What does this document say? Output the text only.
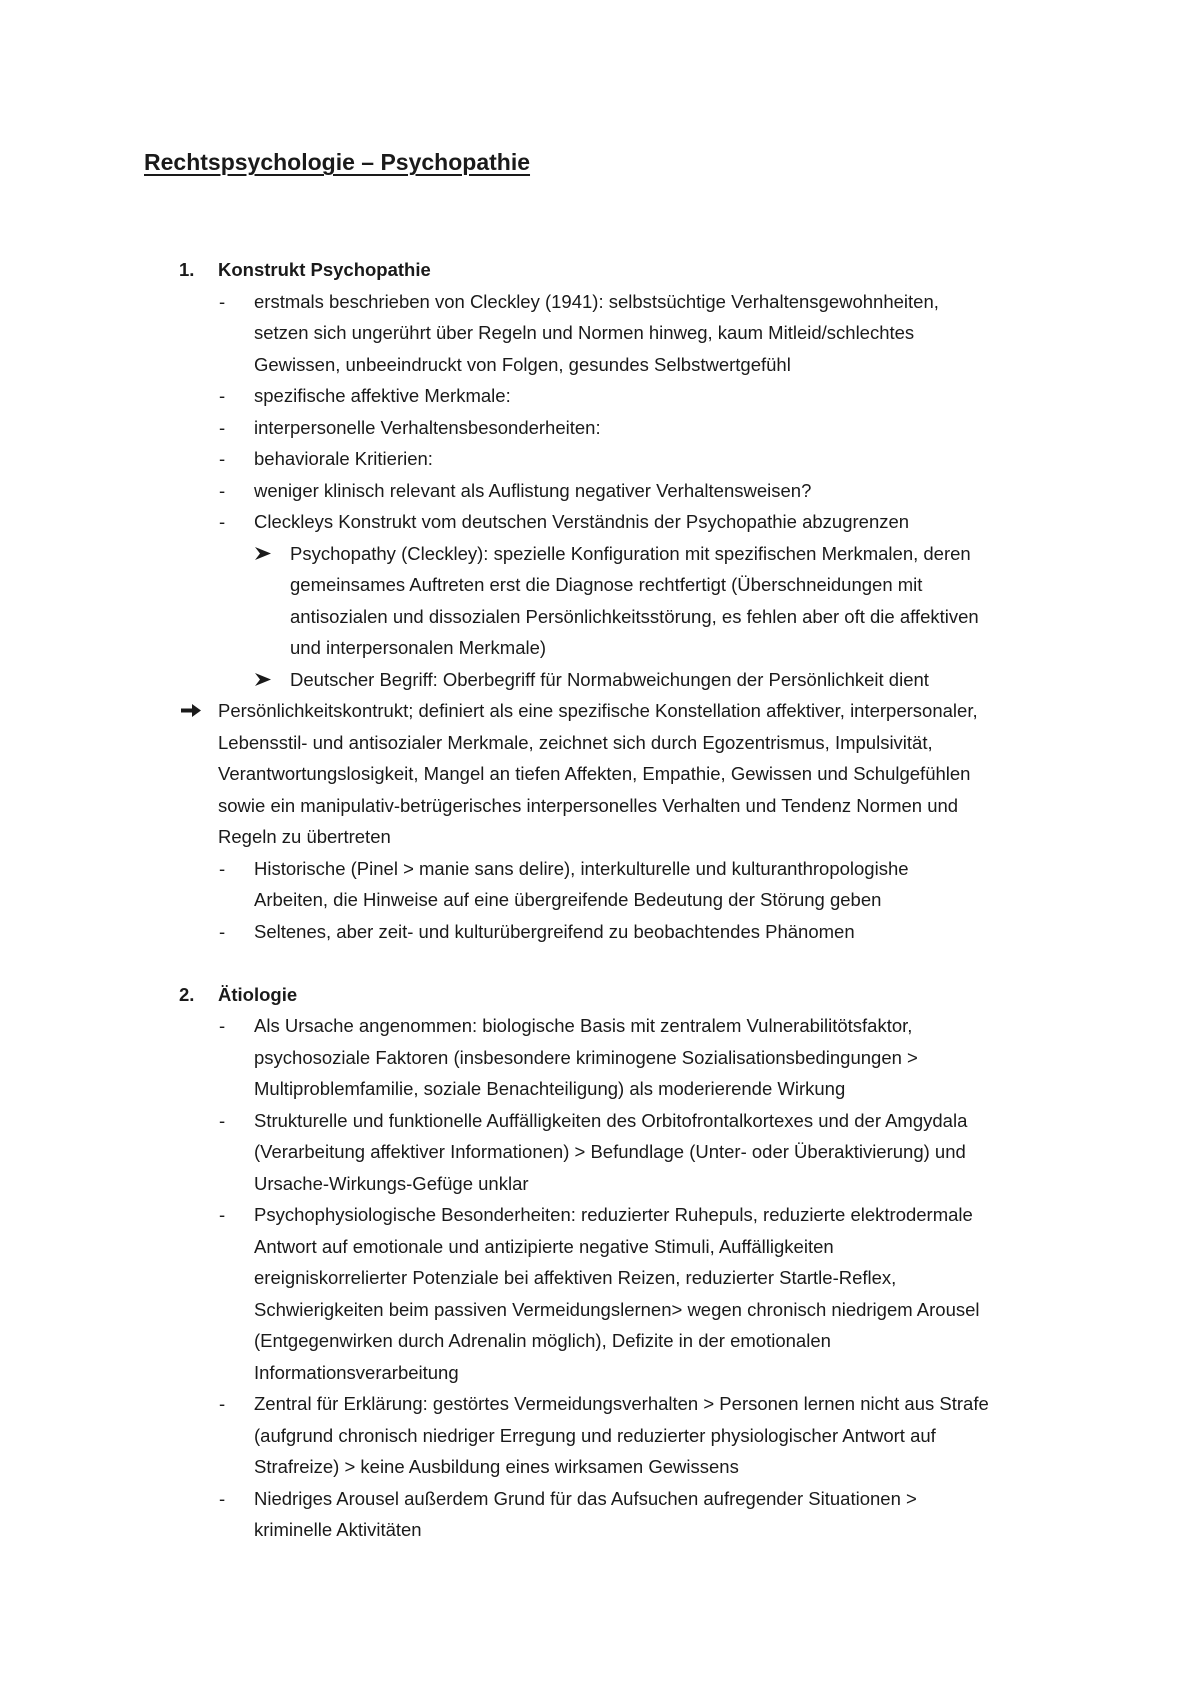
Rechtspsychologie – Psychopathie
1. Konstrukt Psychopathie
- erstmals beschrieben von Cleckley (1941): selbstsüchtige Verhaltensgewohnheiten,
setzen sich ungerührt über Regeln und Normen hinweg, kaum Mitleid/schlechtes
Gewissen, unbeeindruckt von Folgen, gesundes Selbstwertgefühl
- spezifische affektive Merkmale:
- interpersonelle Verhaltensbesonderheiten:
- behaviorale Kritierien:
- weniger klinisch relevant als Auflistung negativer Verhaltensweisen?
- Cleckleys Konstrukt vom deutschen Verständnis der Psychopathie abzugrenzen
Psychopathy (Cleckley): spezielle Konfiguration mit spezifischen Merkmalen, deren
gemeinsames Auftreten erst die Diagnose rechtfertigt (Überschneidungen mit
antisozialen und dissozialen Persönlichkeitsstörung, es fehlen aber oft die affektiven
und interpersonalen Merkmale)
Deutscher Begriff: Oberbegriff für Normabweichungen der Persönlichkeit dient
Persönlichkeitskontrukt; definiert als eine spezifische Konstellation affektiver, interpersonaler,
Lebensstil- und antisozialer Merkmale, zeichnet sich durch Egozentrismus, Impulsivität,
Verantwortungslosigkeit, Mangel an tiefen Affekten, Empathie, Gewissen und Schulgefühlen
sowie ein manipulativ-betrügerisches interpersonelles Verhalten und Tendenz Normen und
Regeln zu übertreten
- Historische (Pinel > manie sans delire), interkulturelle und kulturanthropologishe
Arbeiten, die Hinweise auf eine übergreifende Bedeutung der Störung geben
- Seltenes, aber zeit- und kulturübergreifend zu beobachtendes Phänomen
2. Ätiologie
- Als Ursache angenommen: biologische Basis mit zentralem Vulnerabilitötsfaktor,
psychosoziale Faktoren (insbesondere kriminogene Sozialisationsbedingungen >
Multiproblemfamilie, soziale Benachteiligung) als moderierende Wirkung
- Strukturelle und funktionelle Auffälligkeiten des Orbitofrontalkortexes und der Amgydala
(Verarbeitung affektiver Informationen) > Befundlage (Unter- oder Überaktivierung) und
Ursache-Wirkungs-Gefüge unklar
- Psychophysiologische Besonderheiten: reduzierter Ruhepuls, reduzierte elektrodermale
Antwort auf emotionale und antizipierte negative Stimuli, Auffälligkeiten
ereigniskorrelierter Potenziale bei affektiven Reizen, reduzierter Startle-Reflex,
Schwierigkeiten beim passiven Vermeidungslernen> wegen chronisch niedrigem Arousel
(Entgegenwirken durch Adrenalin möglich), Defizite in der emotionalen
Informationsverarbeitung
- Zentral für Erklärung: gestörtes Vermeidungsverhalten > Personen lernen nicht aus Strafe
(aufgrund chronisch niedriger Erregung und reduzierter physiologischer Antwort auf
Strafreize) > keine Ausbildung eines wirksamen Gewissens
- Niedriges Arousel außerdem Grund für das Aufsuchen aufregender Situationen >
kriminelle Aktivitäten
